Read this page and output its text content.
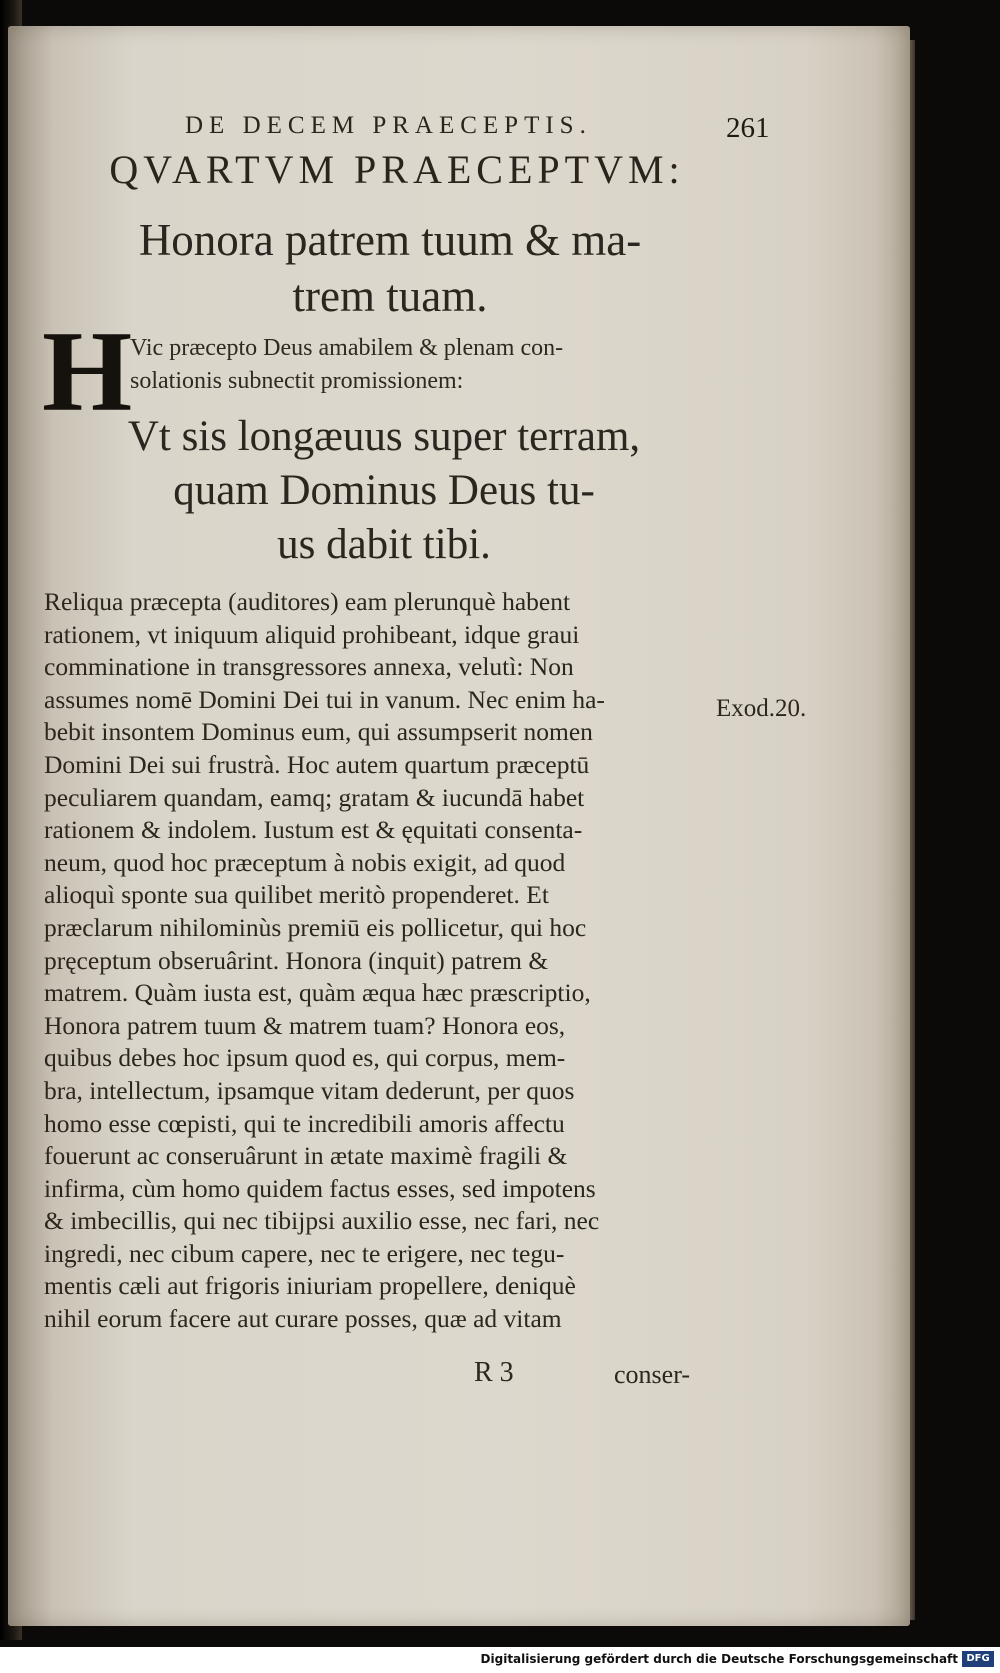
DE DECEM PRAECEPTIS.	261
QVARTVM PRAECEPTVM:
Honora patrem tuum & ma-
trem tuam.
H
Vic præcepto Deus amabilem & plenam con-
solationis subnectit promissionem:
Vt sis longæuus super terram,
quam Dominus Deus tu-
us dabit tibi.
Reliqua præcepta (auditores) eam plerunquè habent
rationem, vt iniquum aliquid prohibeant, idque graui
comminatione in transgressores annexa, velutì: Non
assumes nomē Domini Dei tui in vanum. Nec enim ha-
bebit insontem Dominus eum, qui assumpserit nomen
Domini Dei sui frustrà. Hoc autem quartum præceptū
peculiarem quandam, eamq; gratam & iucundā habet
rationem & indolem. Iustum est & ęquitati consenta-
neum, quod hoc præceptum à nobis exigit, ad quod
alioquì sponte sua quilibet meritò propenderet. Et
præclarum nihilominùs premiū eis pollicetur, qui hoc
pręceptum obseruârint. Honora (inquit) patrem &
matrem. Quàm iusta est, quàm æqua hæc præscriptio,
Honora patrem tuum & matrem tuam? Honora eos,
quibus debes hoc ipsum quod es, qui corpus, mem-
bra, intellectum, ipsamque vitam dederunt, per quos
homo esse cœpisti, qui te incredibili amoris affectu
fouerunt ac conseruârunt in ætate maximè fragili &
infirma, cùm homo quidem factus esses, sed impotens
& imbecillis, qui nec tibijpsi auxilio esse, nec fari, nec
ingredi, nec cibum capere, nec te erigere, nec tegu-
mentis cæli aut frigoris iniuriam propellere, deniquè
nihil eorum facere aut curare posses, quæ ad vitam
Exod.20.
R 3	conser-
Digitalisierung gefördert durch die Deutsche Forschungsgemeinschaft DFG
